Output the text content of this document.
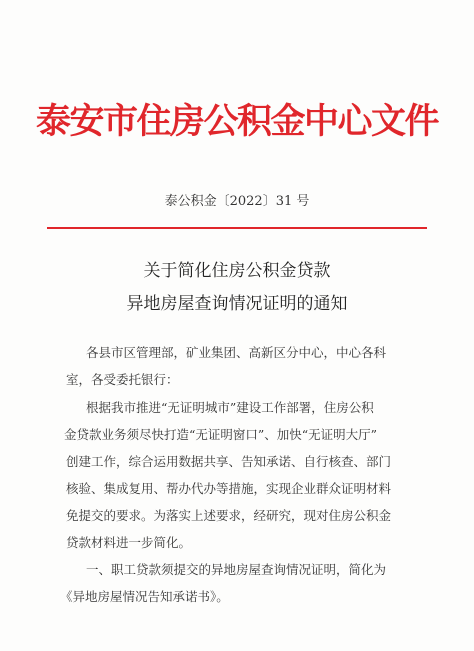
泰安市住房公积金中心文件
泰公积金〔2022〕31 号
关于简化住房公积金贷款
异地房屋查询情况证明的通知
各县市区管理部，矿业集团、高新区分中心，中心各科
室，各受委托银行：
根据我市推进“无证明城市”建设工作部署，住房公积
金贷款业务须尽快打造“无证明窗口”、加快“无证明大厅”
创建工作，综合运用数据共享、告知承诺、自行核查、部门
核验、集成复用、帮办代办等措施，实现企业群众证明材料
免提交的要求。为落实上述要求，经研究，现对住房公积金
贷款材料进一步简化。
一、职工贷款须提交的异地房屋查询情况证明，简化为
《异地房屋情况告知承诺书》。
